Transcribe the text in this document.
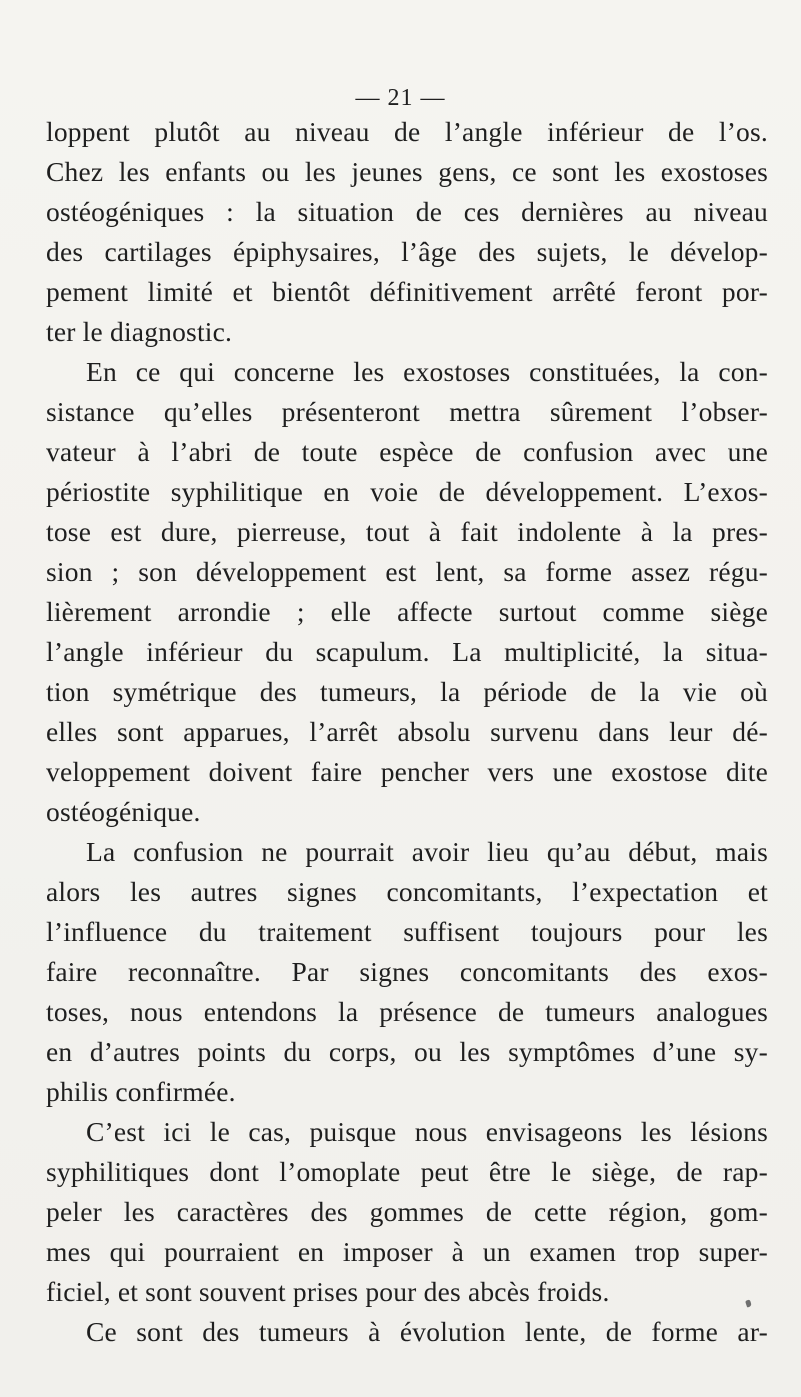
— 21 —
loppent plutôt au niveau de l’angle inférieur de l’os.
Chez les enfants ou les jeunes gens, ce sont les exostoses
ostéogéniques : la situation de ces dernières au niveau
des cartilages épiphysaires, l’âge des sujets, le dévelop-
pement limité et bientôt définitivement arrêté feront por-
ter le diagnostic.
En ce qui concerne les exostoses constituées, la con-
sistance qu’elles présenteront mettra sûrement l’obser-
vateur à l’abri de toute espèce de confusion avec une
périostite syphilitique en voie de développement. L’exos-
tose est dure, pierreuse, tout à fait indolente à la pres-
sion ; son développement est lent, sa forme assez régu-
lièrement arrondie ; elle affecte surtout comme siège
l’angle inférieur du scapulum. La multiplicité, la situa-
tion symétrique des tumeurs, la période de la vie où
elles sont apparues, l’arrêt absolu survenu dans leur dé-
veloppement doivent faire pencher vers une exostose dite
ostéogénique.
La confusion ne pourrait avoir lieu qu’au début, mais
alors les autres signes concomitants, l’expectation et
l’influence du traitement suffisent toujours pour les
faire reconnaître. Par signes concomitants des exos-
toses, nous entendons la présence de tumeurs analogues
en d’autres points du corps, ou les symptômes d’une sy-
philis confirmée.
C’est ici le cas, puisque nous envisageons les lésions
syphilitiques dont l’omoplate peut être le siège, de rap-
peler les caractères des gommes de cette région, gom-
mes qui pourraient en imposer à un examen trop super-
ficiel, et sont souvent prises pour des abcès froids.
Ce sont des tumeurs à évolution lente, de forme ar-
